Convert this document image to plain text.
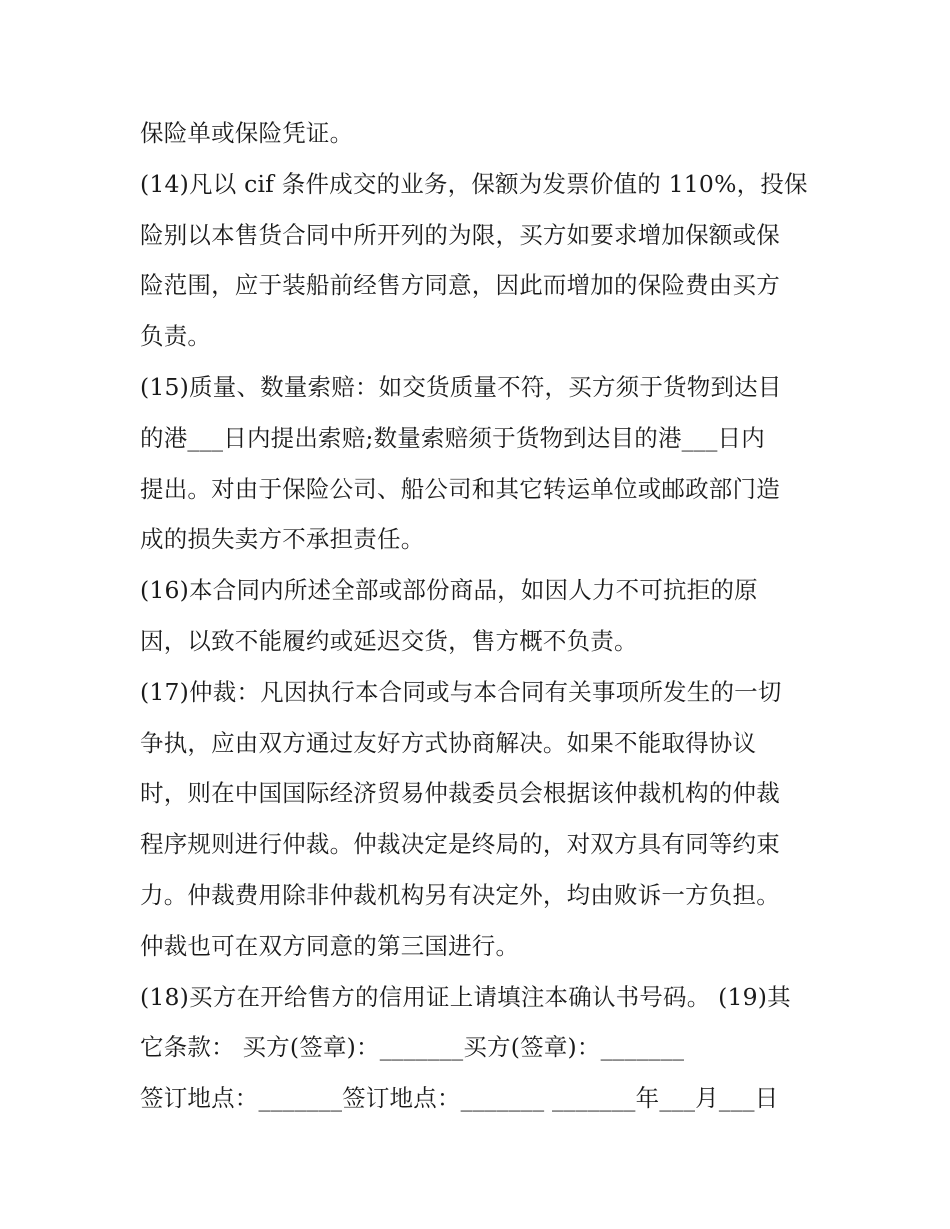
保险单或保险凭证。
(14)凡以 cif 条件成交的业务，保额为发票价值的 110%，投保
险别以本售货合同中所开列的为限，买方如要求增加保额或保
险范围，应于装船前经售方同意，因此而增加的保险费由买方
负责。
(15)质量、数量索赔：如交货质量不符，买方须于货物到达目
的港___日内提出索赔;数量索赔须于货物到达目的港___日内
提出。对由于保险公司、船公司和其它转运单位或邮政部门造
成的损失卖方不承担责任。
(16)本合同内所述全部或部份商品，如因人力不可抗拒的原
因，以致不能履约或延迟交货，售方概不负责。
(17)仲裁：凡因执行本合同或与本合同有关事项所发生的一切
争执，应由双方通过友好方式协商解决。如果不能取得协议
时，则在中国国际经济贸易仲裁委员会根据该仲裁机构的仲裁
程序规则进行仲裁。仲裁决定是终局的，对双方具有同等约束
力。仲裁费用除非仲裁机构另有决定外，均由败诉一方负担。
仲裁也可在双方同意的第三国进行。
(18)买方在开给售方的信用证上请填注本确认书号码。 (19)其
它条款： 买方(签章)：_______买方(签章)：_______
签订地点：_______签订地点：_______ _______年___月___日
